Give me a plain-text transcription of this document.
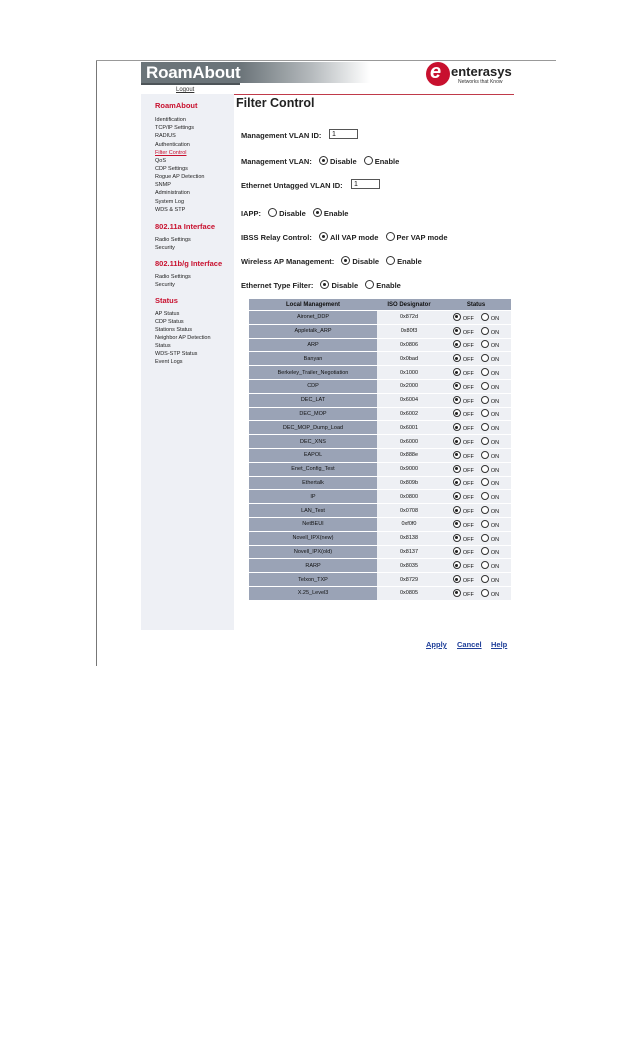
RoamAbout	e enterasys
Networks that Know
Logout
RoamAbout
Identification
TCP/IP Settings
RADIUS
Authentication
Filter Control
QoS
CDP Settings
Rogue AP Detection
SNMP
Administration
System Log
WDS & STP
802.11a Interface
Radio Settings
Security
802.11b/g Interface
Radio Settings
Security
Status
AP Status
CDP Status
Stations Status
Neighbor AP Detection
Status
WDS-STP Status
Event Logs
Filter Control
Management VLAN ID:	1
Management VLAN: Disable Enable
Ethernet Untagged VLAN ID:	1
IAPP: Disable Enable
IBSS Relay Control: All VAP mode Per VAP mode
Wireless AP Management: Disable Enable
Ethernet Type Filter: Disable Enable
Local Management	ISO Designator	Status
Aironet_DDP	0x872d	OFF ON
Appletalk_ARP	0x80f3	OFF ON
ARP	0x0806	OFF ON
Banyan	0x0bad	OFF ON
Berkeley_Trailer_Negotiation	0x1000	OFF ON
CDP	0x2000	OFF ON
DEC_LAT	0x6004	OFF ON
DEC_MOP	0x6002	OFF ON
DEC_MOP_Dump_Load	0x6001	OFF ON
DEC_XNS	0x6000	OFF ON
EAPOL	0x888e	OFF ON
Enet_Config_Test	0x9000	OFF ON
Ethertalk	0x809b	OFF ON
IP	0x0800	OFF ON
LAN_Test	0x0708	OFF ON
NetBEUI	0xf0f0	OFF ON
Novell_IPX(new)	0x8138	OFF ON
Novell_IPX(old)	0x8137	OFF ON
RARP	0x8035	OFF ON
Telxon_TXP	0x8729	OFF ON
X.25_Level3	0x0805	OFF ON
Apply Cancel Help
